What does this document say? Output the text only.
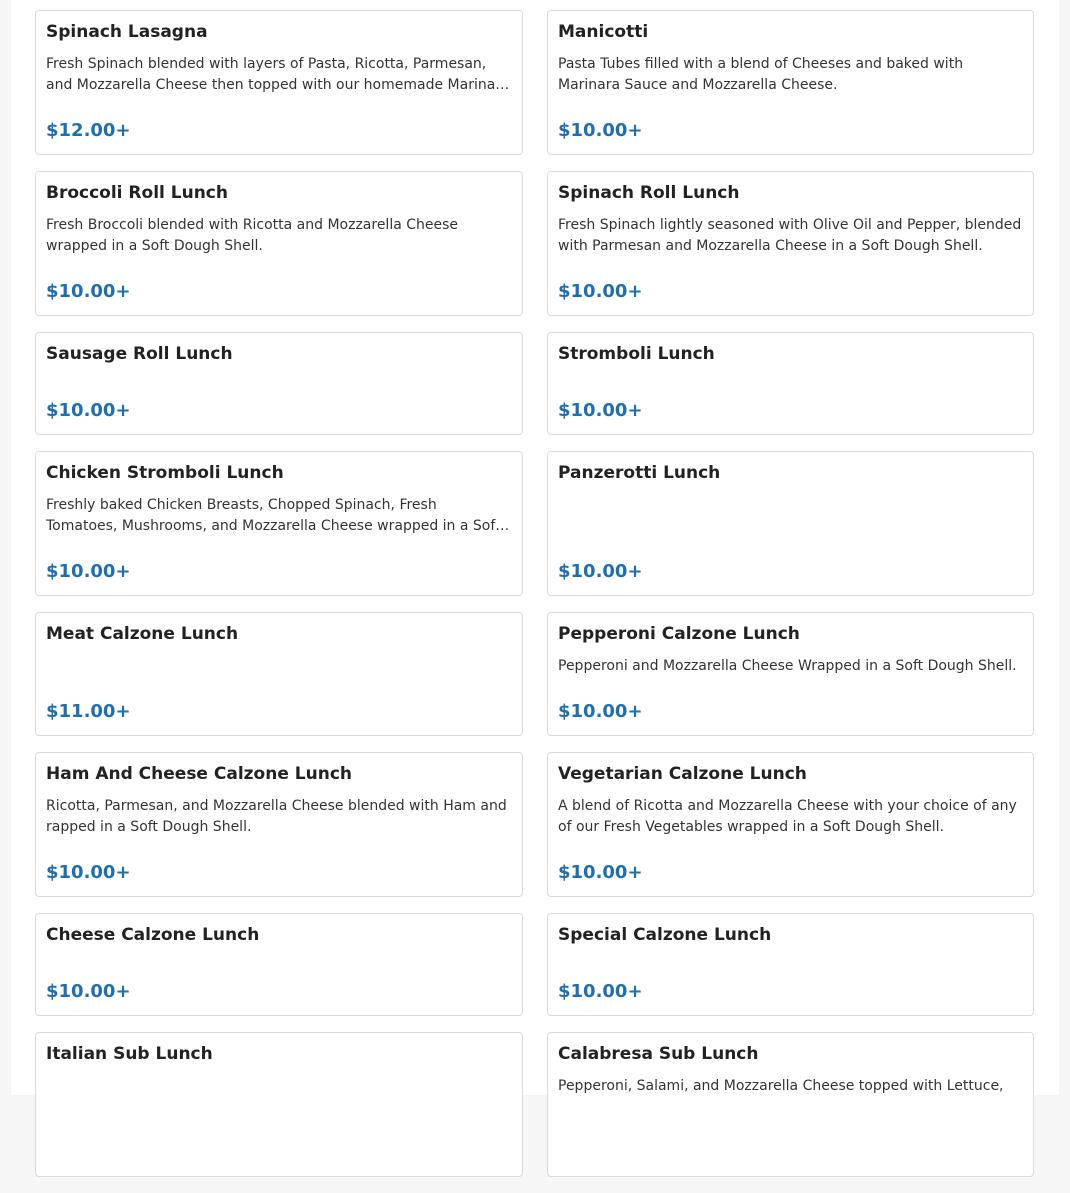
Spinach Lasagna
Fresh Spinach blended with layers of Pasta, Ricotta, Parmesan, and Mozzarella Cheese then topped with our homemade Marina…
$12.00+
Manicotti
Pasta Tubes filled with a blend of Cheeses and baked with Marinara Sauce and Mozzarella Cheese.
$10.00+
Broccoli Roll Lunch
Fresh Broccoli blended with Ricotta and Mozzarella Cheese wrapped in a Soft Dough Shell.
$10.00+
Spinach Roll Lunch
Fresh Spinach lightly seasoned with Olive Oil and Pepper, blended with Parmesan and Mozzarella Cheese in a Soft Dough Shell.
$10.00+
Sausage Roll Lunch
$10.00+
Stromboli Lunch
$10.00+
Chicken Stromboli Lunch
Freshly baked Chicken Breasts, Chopped Spinach, Fresh Tomatoes, Mushrooms, and Mozzarella Cheese wrapped in a Sof…
$10.00+
Panzerotti Lunch
$10.00+
Meat Calzone Lunch
$11.00+
Pepperoni Calzone Lunch
Pepperoni and Mozzarella Cheese Wrapped in a Soft Dough Shell.
$10.00+
Ham And Cheese Calzone Lunch
Ricotta, Parmesan, and Mozzarella Cheese blended with Ham and rapped in a Soft Dough Shell.
$10.00+
Vegetarian Calzone Lunch
A blend of Ricotta and Mozzarella Cheese with your choice of any of our Fresh Vegetables wrapped in a Soft Dough Shell.
$10.00+
Cheese Calzone Lunch
$10.00+
Special Calzone Lunch
$10.00+
Italian Sub Lunch	Calabresa Sub Lunch
Pepperoni, Salami, and Mozzarella Cheese topped with Lettuce,
